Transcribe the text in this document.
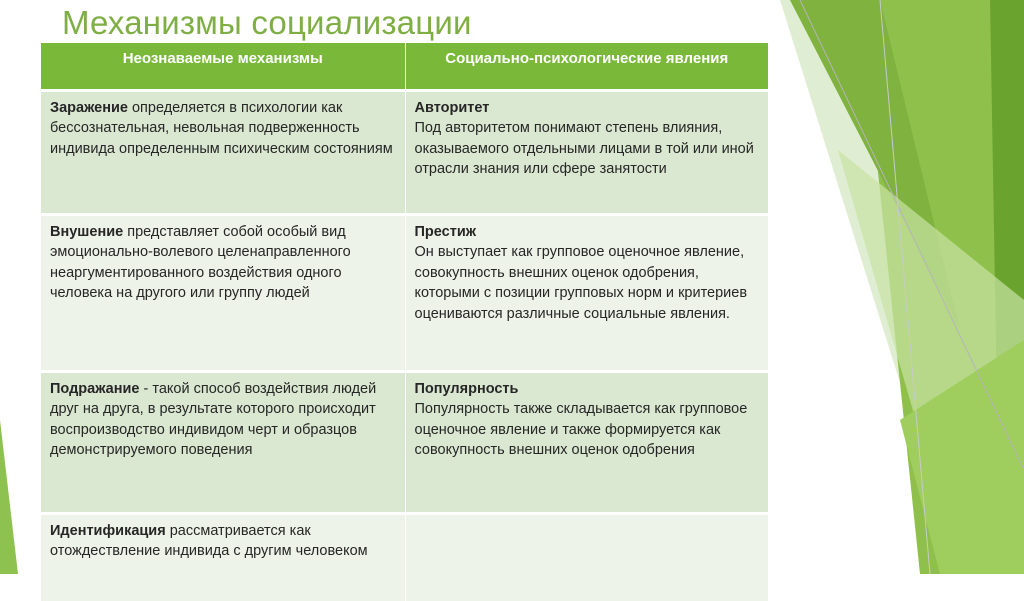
Механизмы социализации
Неознаваемые механизмы	Социально-психологические явления
Заражение определяется в психологии как бессознательная, невольная подверженность индивида определенным психическим состояниям	Авторитет
Под авторитетом понимают степень влияния, оказываемого отдельными лицами в той или иной отрасли знания или сфере занятости

Внушение представляет собой особый вид эмоционально-волевого целенаправленного неаргументированного воздействия одного человека на другого или группу людей	Престиж
Он выступает как групповое оценочное явление, совокупность внешних оценок одобрения, которыми с позиции групповых норм и критериев оцениваются различные социальные явления.

Подражание - такой способ воздействия людей друг на друга, в результате которого происходит воспроизводство индивидом черт и образцов демонстрируемого поведения	Популярность
Популярность также складывается как групповое оценочное явление и также формируется как совокупность внешних оценок одобрения

Идентификация рассматривается как отождествление индивида с другим человеком	
